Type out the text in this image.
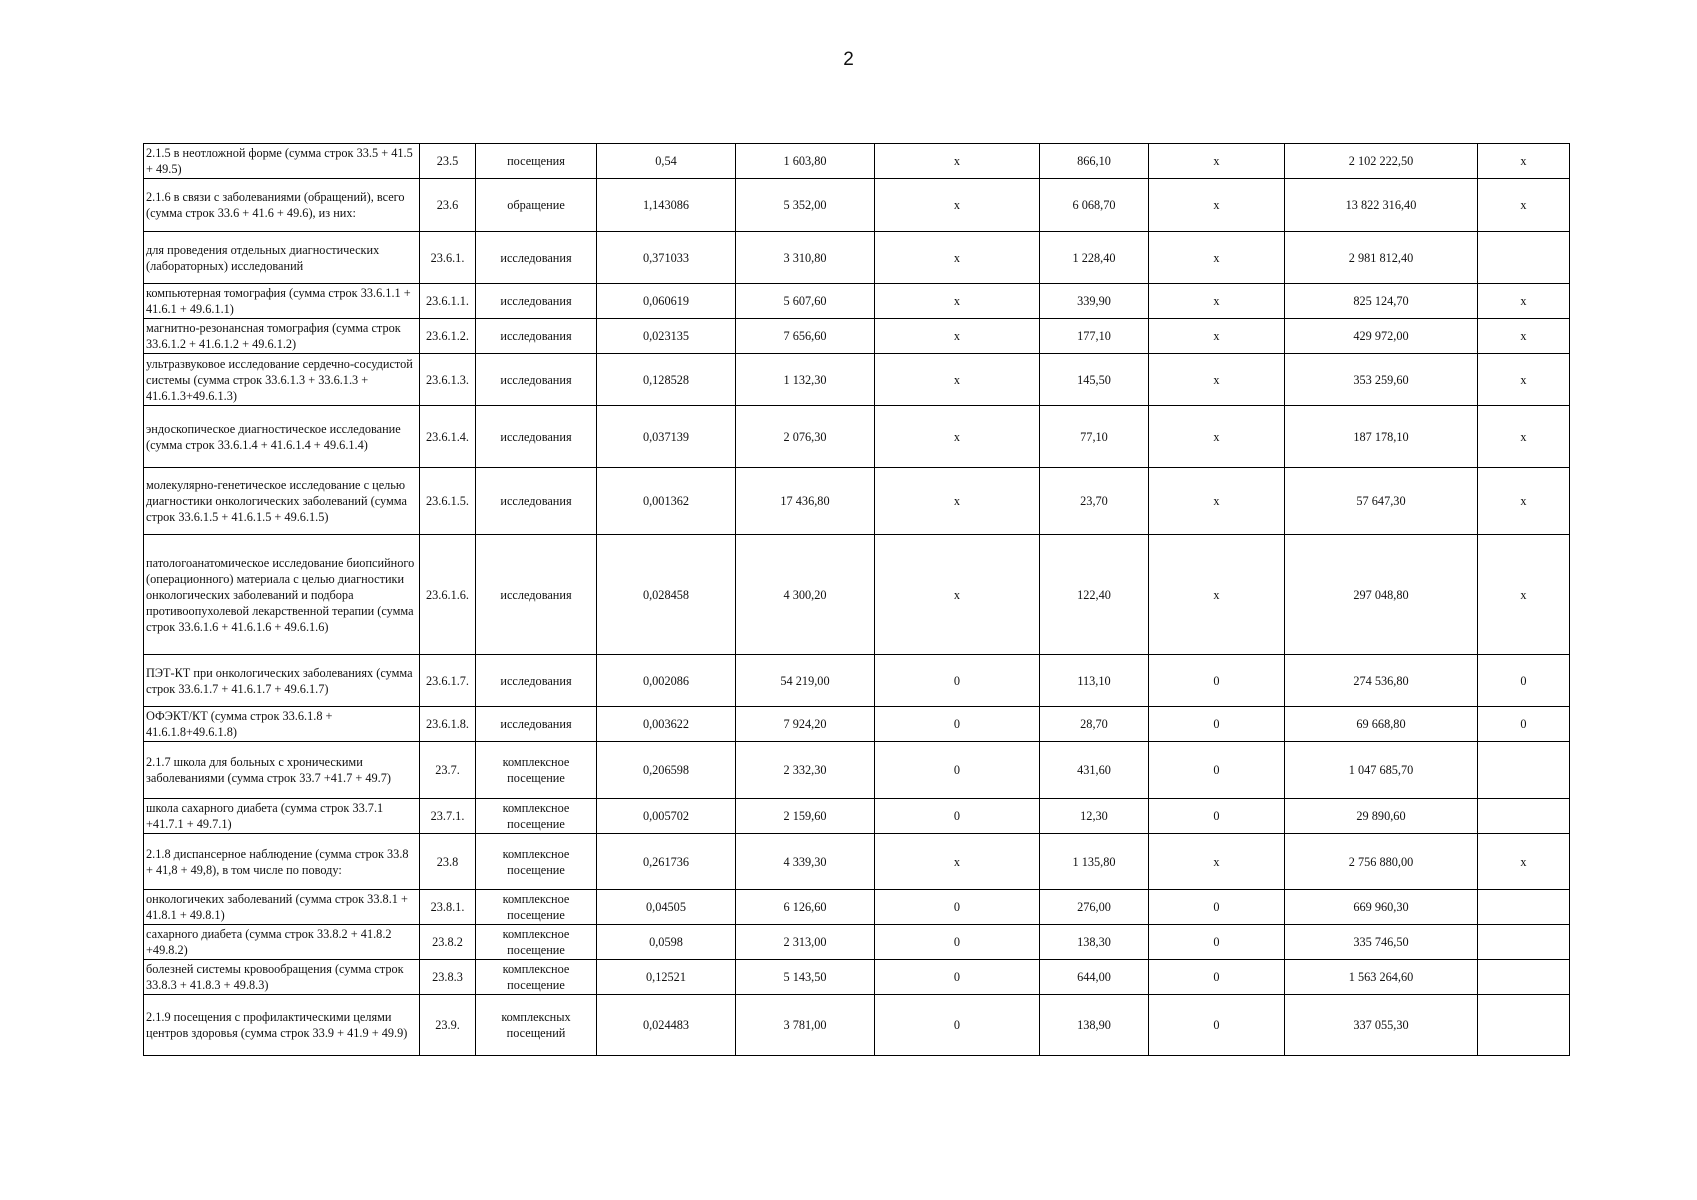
2
2.1.5 в неотложной форме (сумма строк 33.5 + 41.5 + 49.5)	23.5	посещения	0,54	1 603,80	x	866,10	x	2 102 222,50	x
2.1.6 в связи с заболеваниями (обращений), всего (сумма строк 33.6 + 41.6 + 49.6), из них:	23.6	обращение	1,143086	5 352,00	x	6 068,70	x	13 822 316,40	x
для проведения отдельных диагностических (лабораторных) исследований	23.6.1.	исследования	0,371033	3 310,80	x	1 228,40	x	2 981 812,40	
компьютерная томография (сумма строк 33.6.1.1 + 41.6.1 + 49.6.1.1)	23.6.1.1.	исследования	0,060619	5 607,60	x	339,90	x	825 124,70	x
магнитно-резонансная томография (сумма строк 33.6.1.2 + 41.6.1.2 + 49.6.1.2)	23.6.1.2.	исследования	0,023135	7 656,60	x	177,10	x	429 972,00	x
ультразвуковое исследование сердечно-сосудистой системы (сумма строк 33.6.1.3 + 33.6.1.3 + 41.6.1.3+49.6.1.3)	23.6.1.3.	исследования	0,128528	1 132,30	x	145,50	x	353 259,60	x
эндоскопическое диагностическое исследование (сумма строк 33.6.1.4 + 41.6.1.4 + 49.6.1.4)	23.6.1.4.	исследования	0,037139	2 076,30	x	77,10	x	187 178,10	x
молекулярно-генетическое исследование с целью диагностики онкологических заболеваний (сумма строк 33.6.1.5 + 41.6.1.5 + 49.6.1.5)	23.6.1.5.	исследования	0,001362	17 436,80	x	23,70	x	57 647,30	x
патологоанатомическое исследование биопсийного (операционного) материала с целью диагностики онкологических заболеваний и подбора противоопухолевой лекарственной терапии (сумма строк 33.6.1.6 + 41.6.1.6 + 49.6.1.6)	23.6.1.6.	исследования	0,028458	4 300,20	x	122,40	x	297 048,80	x
ПЭТ-КТ при онкологических заболеваниях (сумма строк 33.6.1.7 + 41.6.1.7 + 49.6.1.7)	23.6.1.7.	исследования	0,002086	54 219,00	0	113,10	0	274 536,80	0
ОФЭКТ/КТ (сумма строк 33.6.1.8 + 41.6.1.8+49.6.1.8)	23.6.1.8.	исследования	0,003622	7 924,20	0	28,70	0	69 668,80	0
2.1.7 школа для больных с хроническими заболеваниями (сумма строк 33.7 +41.7 + 49.7)	23.7.	комплексное посещение	0,206598	2 332,30	0	431,60	0	1 047 685,70	
школа сахарного диабета (сумма строк 33.7.1 +41.7.1 + 49.7.1)	23.7.1.	комплексное посещение	0,005702	2 159,60	0	12,30	0	29 890,60	
2.1.8 диспансерное наблюдение (сумма строк 33.8 + 41,8 + 49,8), в том числе по поводу:	23.8	комплексное посещение	0,261736	4 339,30	x	1 135,80	x	2 756 880,00	x
онкологичеких заболеваний (сумма строк 33.8.1 + 41.8.1 + 49.8.1)	23.8.1.	комплексное посещение	0,04505	6 126,60	0	276,00	0	669 960,30	
сахарного диабета (сумма строк 33.8.2 + 41.8.2 +49.8.2)	23.8.2	комплексное посещение	0,0598	2 313,00	0	138,30	0	335 746,50	
болезней системы кровообращения (сумма строк 33.8.3 + 41.8.3 + 49.8.3)	23.8.3	комплексное посещение	0,12521	5 143,50	0	644,00	0	1 563 264,60	
2.1.9 посещения с профилактическими целями центров здоровья (сумма строк 33.9 + 41.9 + 49.9)	23.9.	комплексных посещений	0,024483	3 781,00	0	138,90	0	337 055,30	
